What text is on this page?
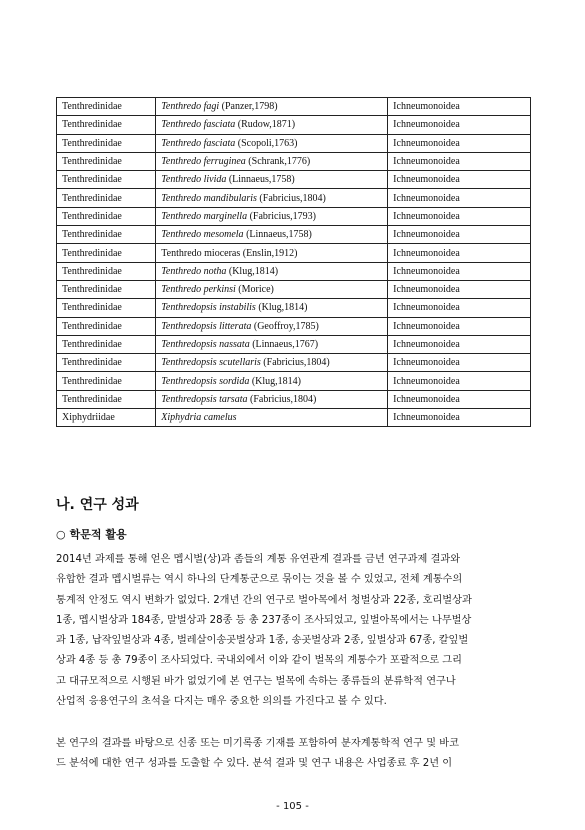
Tenthredinidae	Tenthredo fagi (Panzer,1798)	Ichneumonoidea
Tenthredinidae	Tenthredo fasciata (Rudow,1871)	Ichneumonoidea
Tenthredinidae	Tenthredo fasciata (Scopoli,1763)	Ichneumonoidea
Tenthredinidae	Tenthredo ferruginea (Schrank,1776)	Ichneumonoidea
Tenthredinidae	Tenthredo livida (Linnaeus,1758)	Ichneumonoidea
Tenthredinidae	Tenthredo mandibularis (Fabricius,1804)	Ichneumonoidea
Tenthredinidae	Tenthredo marginella (Fabricius,1793)	Ichneumonoidea
Tenthredinidae	Tenthredo mesomela (Linnaeus,1758)	Ichneumonoidea
Tenthredinidae	Tenthredo mioceras (Enslin,1912)	Ichneumonoidea
Tenthredinidae	Tenthredo notha (Klug,1814)	Ichneumonoidea
Tenthredinidae	Tenthredo perkinsi (Morice)	Ichneumonoidea
Tenthredinidae	Tenthredopsis instabilis (Klug,1814)	Ichneumonoidea
Tenthredinidae	Tenthredopsis litterata (Geoffroy,1785)	Ichneumonoidea
Tenthredinidae	Tenthredopsis nassata (Linnaeus,1767)	Ichneumonoidea
Tenthredinidae	Tenthredopsis scutellaris (Fabricius,1804)	Ichneumonoidea
Tenthredinidae	Tenthredopsis sordida (Klug,1814)	Ichneumonoidea
Tenthredinidae	Tenthredopsis tarsata (Fabricius,1804)	Ichneumonoidea
Xiphydriidae	Xiphydria camelus	Ichneumonoidea
나. 연구 성과
○ 학문적 활용

2014년 과제를 통해 얻은 멥시벌(상)과 좀들의 계통 유연관계 결과를 금년 연구과제 결과와
유합한 결과 멥시벌류는 역시 하나의 단계통군으로 묶이는 것을 볼 수 있었고, 전체 계통수의
통계적 안정도 역시 변화가 없었다. 2개년 간의 연구로 벌아목에서 청벌상과 22종, 호리벌상과
1종, 멥시벌상과 184종, 말벌상과 28종 등 총 237종이 조사되었고, 잎벌아목에서는 나무벌상
과 1종, 납작잎벌상과 4종, 벌레살이송곳벌상과 1종, 송곳벌상과 2종, 잎벌상과 67종, 칼잎벌
상과 4종 등 총 79종이 조사되었다. 국내외에서 이와 같이 벌목의 계통수가 포괄적으로 그리
고 대규모적으로 시행된 바가 없었기에 본 연구는 벌목에 속하는 종류들의 분류학적 연구나
산업적 응용연구의 초석을 다지는 매우 중요한 의의를 가진다고 볼 수 있다.

본 연구의 결과를 바탕으로 신종 또는 미기록종 기재를 포함하여 분자계통학적 연구 및 바코
드 분석에 대한 연구 성과를 도출할 수 있다. 분석 결과 및 연구 내용은 사업종료 후 2년 이

- 105 -
